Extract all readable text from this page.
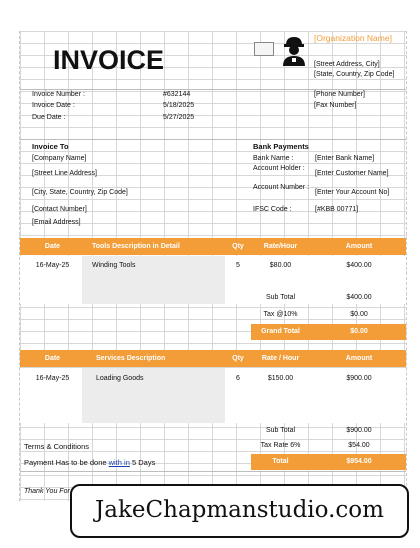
INVOICE
[Organization Name]
[Street Address, City]
[State, Country, Zip Code]
[Phone Number]
[Fax Number]
Invoice Number :	#632144
Invoice Date :	5/18/2025
Due Date :	5/27/2025
Invoice To
[Company Name]
[Street Line Address]
[City, State, Country, Zip Code]
[Contact Number]
[Email Address]
Bank Payments
Bank Name :	[Enter Bank Name]
Account Holder :
[Enter Customer Name]
Account Number :
[Enter Your Account No]
IFSC Code :	[#KBB 00771]
Date	Tools Description in Detail	Qty	Rate/Hour	Amount
16-May-25	Winding Tools	5	$80.00	$400.00
Sub Total	$400.00
Tax @10%	$0.00
Grand Total	$0.00
Date	Services Description	Qty	Rate / Hour	Amount
16-May-25	Loading Goods	6	$150.00	$900.00
Sub Total	$900.00
Terms & Conditions	Tax Rate 6%	$54.00
Payment Has to be done with in 5 Days	Total	$954.00
Thank You For
JakeChapmanstudio.com
